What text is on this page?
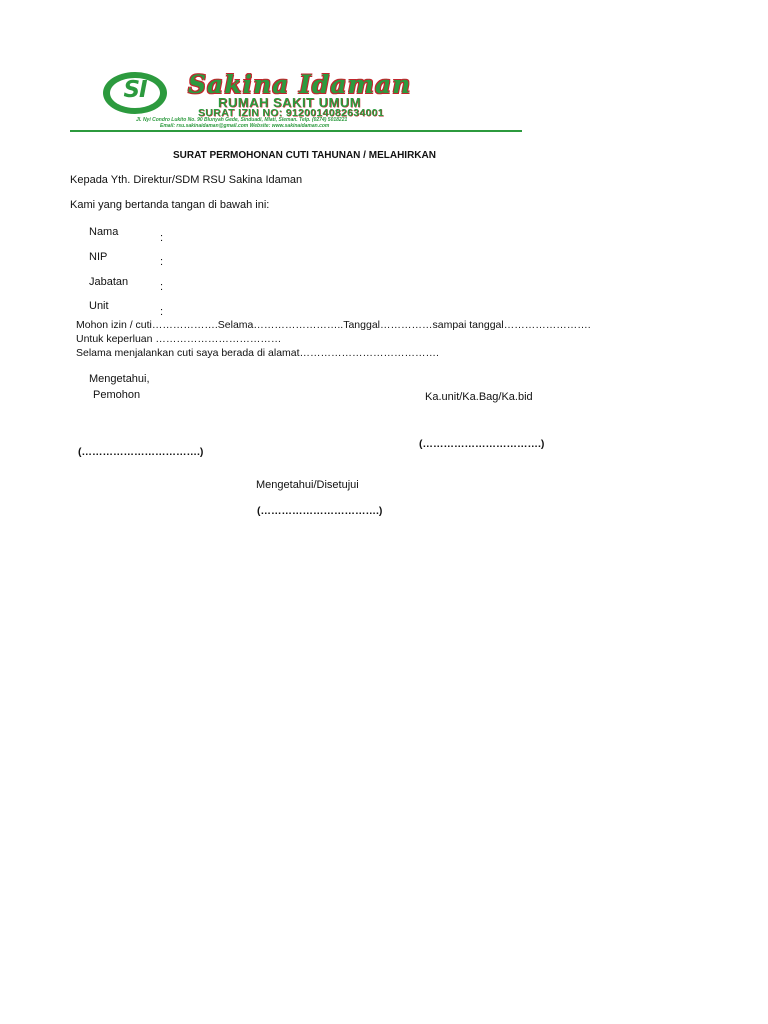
SI	Sakina Idaman
RUMAH SAKIT UMUM
SURAT IZIN NO: 9120014082634001
Jl. Nyi Condro Lukito No. 90 Blunyah Gede, Sinduadi, Mlati, Sleman. Telp. (0274) 5018221
Email: rsu.sakinaidaman@gmail.com Website: www.sakinaidaman.com
SURAT PERMOHONAN CUTI TAHUNAN / MELAHIRKAN
Kepada Yth. Direktur/SDM RSU Sakina Idaman
Kami yang bertanda tangan di bawah ini:
Nama	:
NIP	:
Jabatan	:
Unit	:
Mohon izin / cuti……………….Selama……………………..Tanggal……………sampai tanggal…………………….
Untuk keperluan ………………………………
Selama menjalankan cuti saya berada di alamat………………………………….
Mengetahui,
Pemohon	Ka.unit/Ka.Bag/Ka.bid
(…………………………….)
(…………………………….)
Mengetahui/Disetujui
(…………………………….)
